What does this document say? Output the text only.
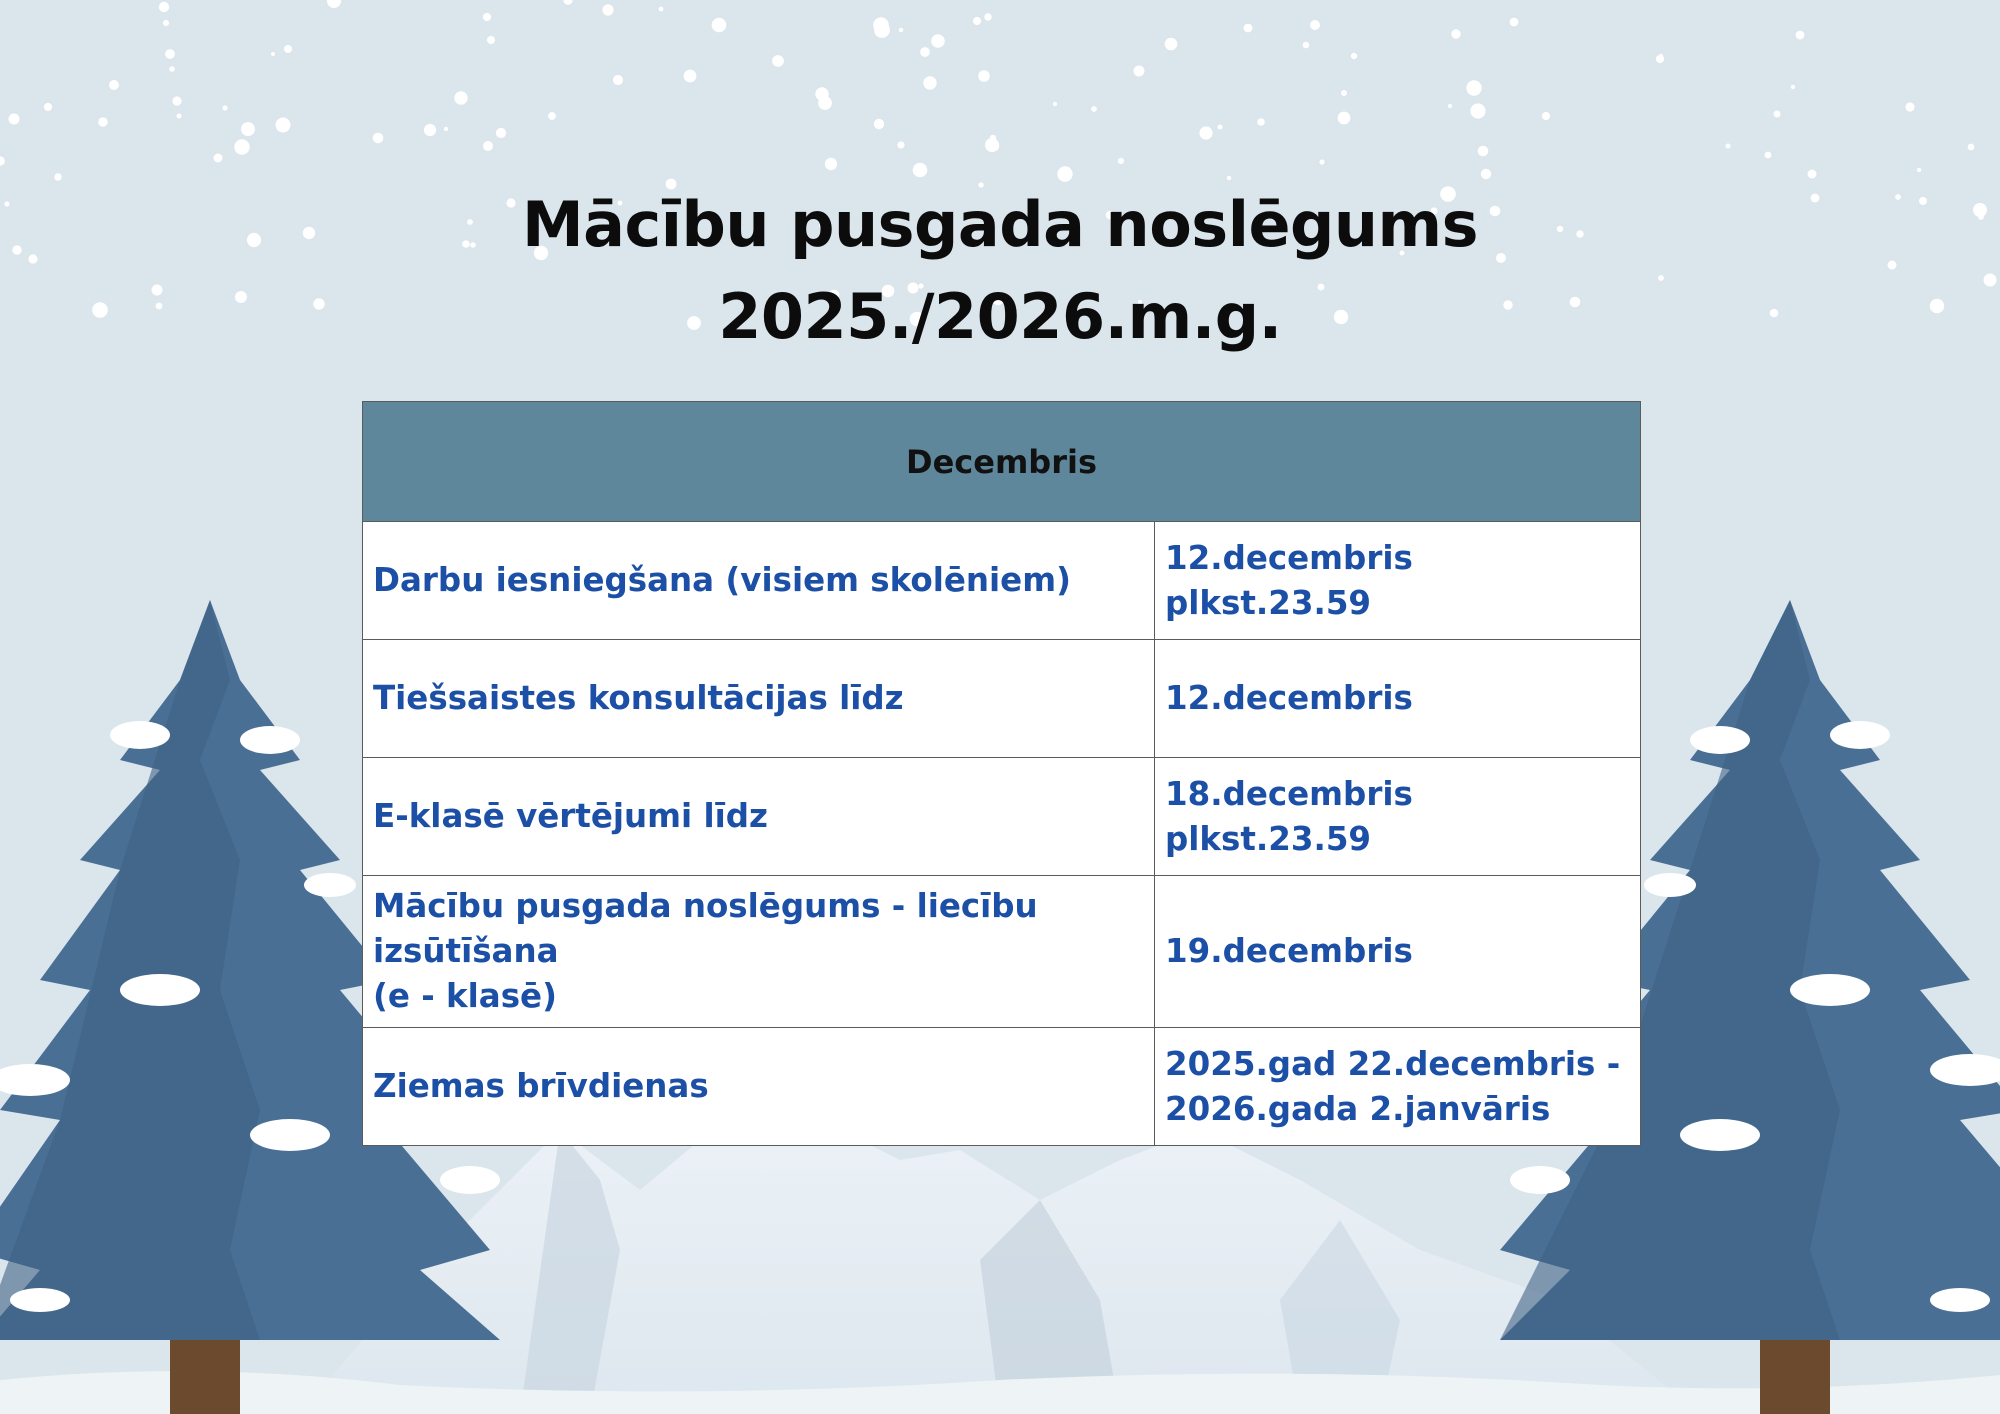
Mācību pusgada noslēgums
2025./2026.m.g.
Decembris	
Darbu iesniegšana (visiem skolēniem)	12.decembris plkst.23.59
Tiešsaistes konsultācijas līdz	12.decembris
E-klasē vērtējumi līdz	18.decembris plkst.23.59
Mācību pusgada noslēgums - liecību izsūtīšana
(e - klasē)	19.decembris
Ziemas brīvdienas	2025.gad 22.decembris -
2026.gada 2.janvāris
